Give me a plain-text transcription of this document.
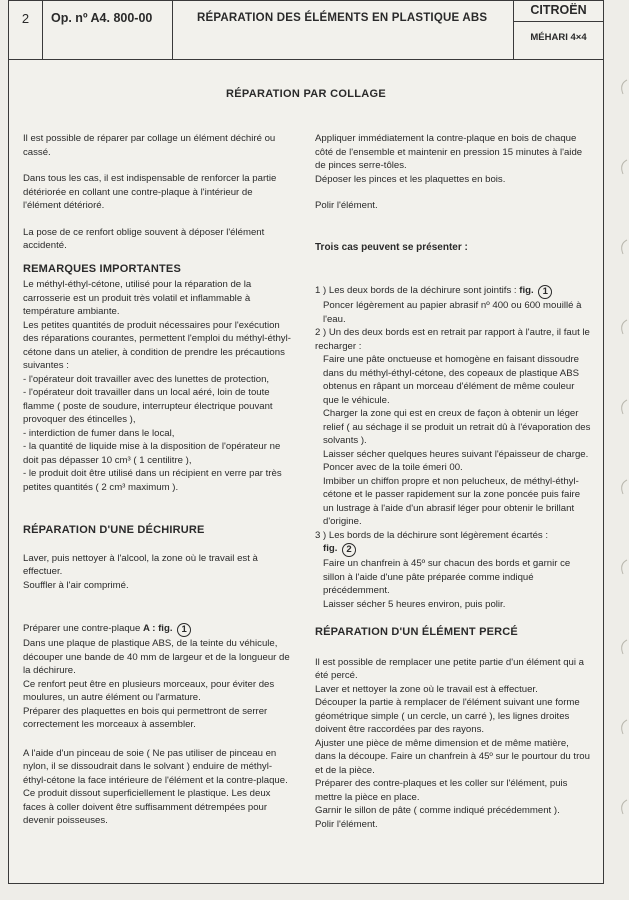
2	Op. nº A4. 800-00	RÉPARATION DES ÉLÉMENTS EN PLASTIQUE ABS
CITROËN
MÉHARI 4×4
RÉPARATION PAR COLLAGE

Il est possible de réparer par collage un élément déchiré ou cassé.

Dans tous les cas, il est indispensable de renforcer la partie détériorée en collant une contre-plaque à l'intérieur de l'élément détérioré.

La pose de ce renfort oblige souvent à déposer l'élément accidenté.

REMARQUES IMPORTANTES

Le méthyl-éthyl-cétone, utilisé pour la réparation de la carrosserie est un produit très volatil et inflammable à température ambiante.

Les petites quantités de produit nécessaires pour l'exécution des réparations courantes, permettent l'emploi du méthyl-éthyl-cétone dans un atelier, à condition de prendre les précautions suivantes :

- l'opérateur doit travailler avec des lunettes de protection,

- l'opérateur doit travailler dans un local aéré, loin de toute flamme ( poste de soudure, interrupteur électrique pouvant provoquer des étincelles ),

- interdiction de fumer dans le local,

- la quantité de liquide mise à la disposition de l'opérateur ne doit pas dépasser 10 cm³ ( 1 centilitre ),

- le produit doit être utilisé dans un récipient en verre par très petites quantités ( 2 cm³ maximum ).

RÉPARATION D'UNE DÉCHIRURE

Laver, puis nettoyer à l'alcool, la zone où le travail est à effectuer.

Souffler à l'air comprimé.

Préparer une contre-plaque A : fig. 1

Dans une plaque de plastique ABS, de la teinte du véhicule, découper une bande de 40 mm de largeur et de la longueur de la déchirure.

Ce renfort peut être en plusieurs morceaux, pour éviter des moulures, un autre élément ou l'armature.

Préparer des plaquettes en bois qui permettront de serrer correctement les morceaux à assembler.

A l'aide d'un pinceau de soie ( Ne pas utiliser de pinceau en nylon, il se dissoudrait dans le solvant ) enduire de méthyl-éthyl-cétone la face intérieure de l'élément et la contre-plaque.

Ce produit dissout superficiellement le plastique. Les deux faces à coller doivent être suffisamment détrempées pour devenir poisseuses.

Appliquer immédiatement la contre-plaque en bois de chaque côté de l'ensemble et maintenir en pression 15 minutes à l'aide de pinces serre-tôles.

Déposer les pinces et les plaquettes en bois.

Polir l'élément.

Trois cas peuvent se présenter :

1 ) Les deux bords de la déchirure sont jointifs : fig. 1

Poncer légèrement au papier abrasif nº 400 ou 600 mouillé à l'eau.

2 ) Un des deux bords est en retrait par rapport à l'autre, il faut le recharger :

Faire une pâte onctueuse et homogène en faisant dissoudre dans du méthyl-éthyl-cétone, des copeaux de plastique ABS obtenus en râpant un morceau d'élément de même couleur que le véhicule.

Charger la zone qui est en creux de façon à obtenir un léger relief ( au séchage il se produit un retrait dû à l'évaporation des solvants ).

Laisser sécher quelques heures suivant l'épaisseur de charge.

Poncer avec de la toile émeri 00.

Imbiber un chiffon propre et non pelucheux, de méthyl-éthyl-cétone et le passer rapidement sur la zone poncée puis faire un lustrage à l'aide d'un abrasif léger pour obtenir le brillant d'origine.

3 ) Les bords de la déchirure sont légèrement écartés :

fig. 2

Faire un chanfrein à 45º sur chacun des bords et garnir ce sillon à l'aide d'une pâte préparée comme indiqué précédemment.

Laisser sécher 5 heures environ, puis polir.

RÉPARATION D'UN ÉLÉMENT PERCÉ

Il est possible de remplacer une petite partie d'un élément qui a été percé.

Laver et nettoyer la zone où le travail est à effectuer.

Découper la partie à remplacer de l'élément suivant une forme géométrique simple ( un cercle, un carré ), les lignes droites doivent être raccordées par des rayons.

Ajuster une pièce de même dimension et de même matière, dans la découpe. Faire un chanfrein à 45º sur le pourtour du trou et de la pièce.

Préparer des contre-plaques et les coller sur l'élément, puis mettre la pièce en place.

Garnir le sillon de pâte ( comme indiqué précédemment ).

Polir l'élément.
